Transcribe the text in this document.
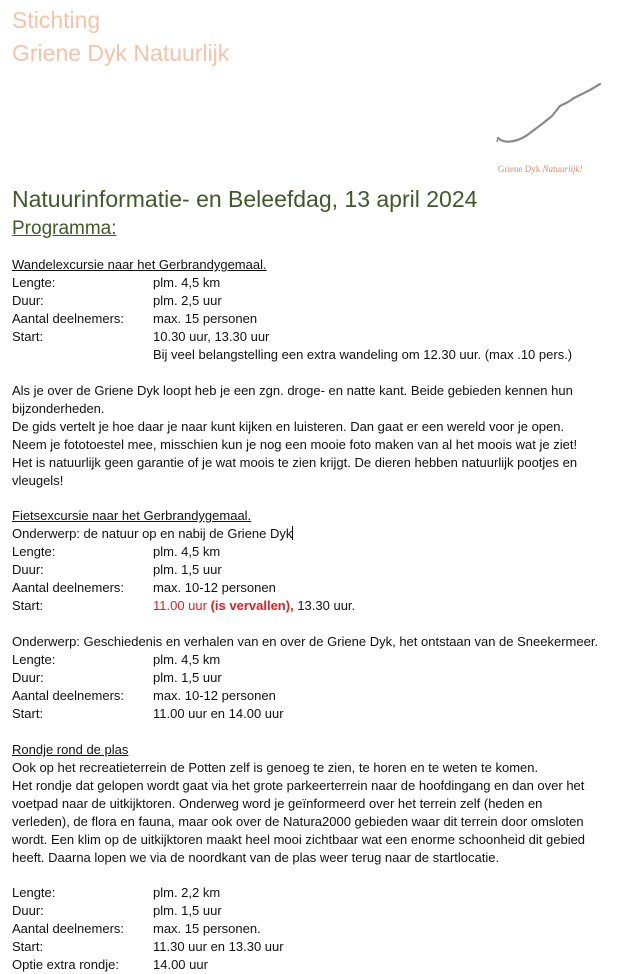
Stichting
Griene Dyk Natuurlijk
Griene Dyk Natuurlijk!
Natuurinformatie- en Beleefdag, 13 april 2024
Programma:
Wandelexcursie naar het Gerbrandygemaal.
Lengte:	plm. 4,5 km
Duur:	plm. 2,5 uur
Aantal deelnemers: max. 15 personen
Start:	10.30 uur, 13.30 uur
Bij veel belangstelling een extra wandeling om 12.30 uur. (max .10 pers.)
Als je over de Griene Dyk loopt heb je een zgn. droge- en natte kant. Beide gebieden kennen hun
bijzonderheden.
De gids vertelt je hoe daar je naar kunt kijken en luisteren. Dan gaat er een wereld voor je open.
Neem je fototoestel mee, misschien kun je nog een mooie foto maken van al het moois wat je ziet!
Het is natuurlijk geen garantie of je wat moois te zien krijgt. De dieren hebben natuurlijk pootjes en
vleugels!
Fietsexcursie naar het Gerbrandygemaal.
Onderwerp: de natuur op en nabij de Griene Dyk
Lengte:	plm. 4,5 km
Duur:	plm. 1,5 uur
Aantal deelnemers: max. 10-12 personen
Start:	11.00 uur (is vervallen), 13.30 uur.
Onderwerp: Geschiedenis en verhalen van en over de Griene Dyk, het ontstaan van de Sneekermeer.
Lengte:	plm. 4,5 km
Duur:	plm. 1,5 uur
Aantal deelnemers: max. 10-12 personen
Start:	11.00 uur en 14.00 uur
Rondje rond de plas
Ook op het recreatieterrein de Potten zelf is genoeg te zien, te horen en te weten te komen.
Het rondje dat gelopen wordt gaat via het grote parkeerterrein naar de hoofdingang en dan over het
voetpad naar de uitkijktoren. Onderweg word je geïnformeerd over het terrein zelf (heden en
verleden), de flora en fauna, maar ook over de Natura2000 gebieden waar dit terrein door omsloten
wordt. Een klim op de uitkijktoren maakt heel mooi zichtbaar wat een enorme schoonheid dit gebied
heeft. Daarna lopen we via de noordkant van de plas weer terug naar de startlocatie.
Lengte:	plm. 2,2 km
Duur:	plm. 1,5 uur
Aantal deelnemers: max. 15 personen.
Start:	11.30 uur en 13.30 uur
Optie extra rondje:	14.00 uur
